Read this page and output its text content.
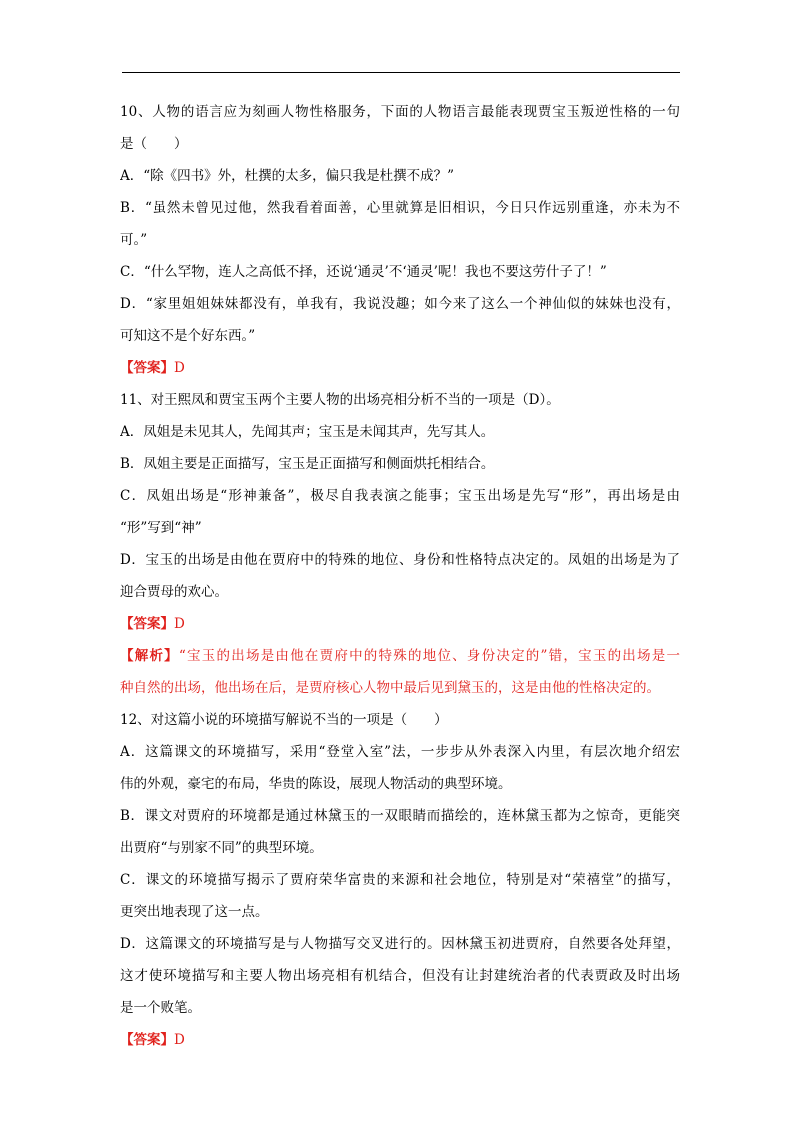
10、人物的语言应为刻画人物性格服务，下面的人物语言最能表现贾宝玉叛逆性格的一句
是（　　）
A．“除《四书》外，杜撰的太多，偏只我是杜撰不成？”
B．“虽然未曾见过他，然我看着面善，心里就算是旧相识，今日只作远别重逢，亦未为不
可。”
C．“什么罕物，连人之高低不择，还说‘通灵’不‘通灵’呢！我也不要这劳什子了！”
D．“家里姐姐妹妹都没有，单我有，我说没趣；如今来了这么一个神仙似的妹妹也没有，
可知这不是个好东西。”
【答案】D
11、对王熙凤和贾宝玉两个主要人物的出场亮相分析不当的一项是（D）。
A．凤姐是未见其人，先闻其声；宝玉是未闻其声，先写其人。
B．凤姐主要是正面描写，宝玉是正面描写和侧面烘托相结合。
C．凤姐出场是“形神兼备”，极尽自我表演之能事；宝玉出场是先写“形”，再出场是由
“形”写到“神”
D．宝玉的出场是由他在贾府中的特殊的地位、身份和性格特点决定的。凤姐的出场是为了
迎合贾母的欢心。
【答案】D
【解析】“宝玉的出场是由他在贾府中的特殊的地位、身份决定的”错，宝玉的出场是一
种自然的出场，他出场在后，是贾府核心人物中最后见到黛玉的，这是由他的性格决定的。
12、对这篇小说的环境描写解说不当的一项是（　　）
A．这篇课文的环境描写，采用“登堂入室”法，一步步从外表深入内里，有层次地介绍宏
伟的外观，豪宅的布局，华贵的陈设，展现人物活动的典型环境。
B．课文对贾府的环境都是通过林黛玉的一双眼睛而描绘的，连林黛玉都为之惊奇，更能突
出贾府“与别家不同”的典型环境。
C．课文的环境描写揭示了贾府荣华富贵的来源和社会地位，特别是对“荣禧堂”的描写，
更突出地表现了这一点。
D．这篇课文的环境描写是与人物描写交叉进行的。因林黛玉初进贾府，自然要各处拜望，
这才使环境描写和主要人物出场亮相有机结合，但没有让封建统治者的代表贾政及时出场
是一个败笔。
【答案】D
